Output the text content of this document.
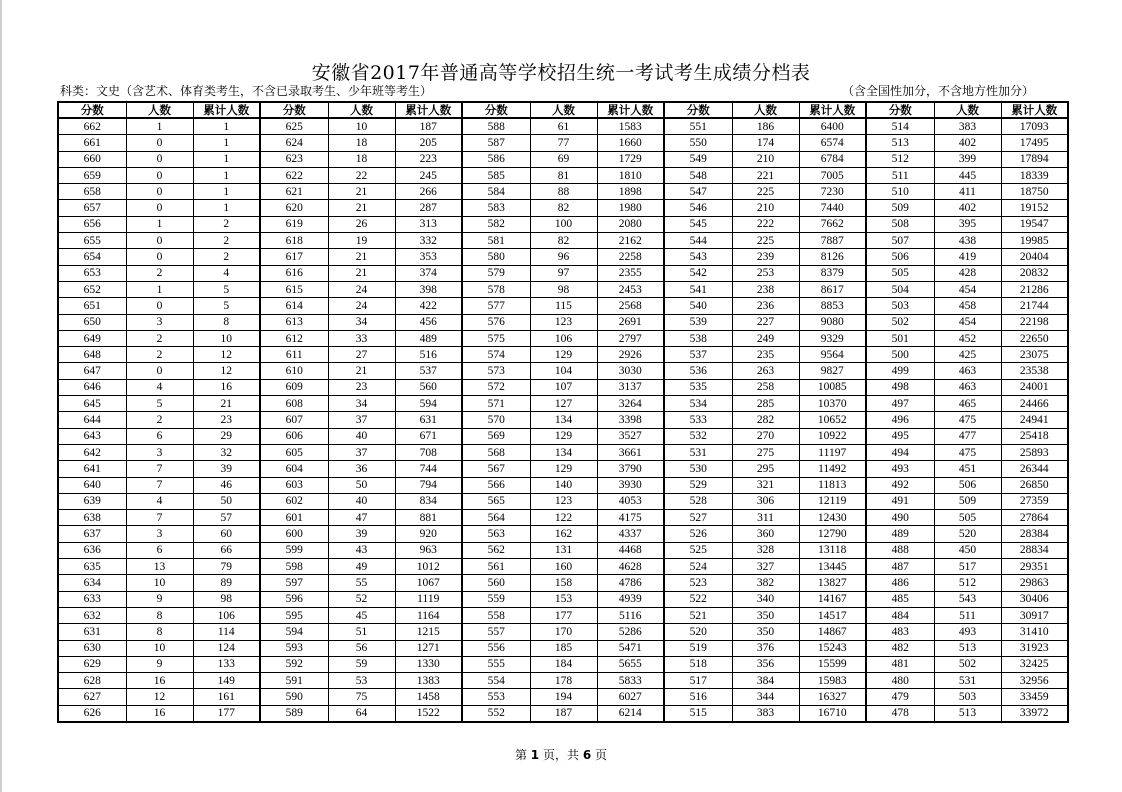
安徽省2017年普通高等学校招生统一考试考生成绩分档表
科类：文史（含艺术、体育类考生，不含已录取考生、少年班等考生）	（含全国性加分，不含地方性加分）
分数	人数	累计人数	分数	人数	累计人数	分数	人数	累计人数	分数	人数	累计人数	分数	人数	累计人数
662	1	1	625	10	187	588	61	1583	551	186	6400	514	383	17093
661	0	1	624	18	205	587	77	1660	550	174	6574	513	402	17495
660	0	1	623	18	223	586	69	1729	549	210	6784	512	399	17894
659	0	1	622	22	245	585	81	1810	548	221	7005	511	445	18339
658	0	1	621	21	266	584	88	1898	547	225	7230	510	411	18750
657	0	1	620	21	287	583	82	1980	546	210	7440	509	402	19152
656	1	2	619	26	313	582	100	2080	545	222	7662	508	395	19547
655	0	2	618	19	332	581	82	2162	544	225	7887	507	438	19985
654	0	2	617	21	353	580	96	2258	543	239	8126	506	419	20404
653	2	4	616	21	374	579	97	2355	542	253	8379	505	428	20832
652	1	5	615	24	398	578	98	2453	541	238	8617	504	454	21286
651	0	5	614	24	422	577	115	2568	540	236	8853	503	458	21744
650	3	8	613	34	456	576	123	2691	539	227	9080	502	454	22198
649	2	10	612	33	489	575	106	2797	538	249	9329	501	452	22650
648	2	12	611	27	516	574	129	2926	537	235	9564	500	425	23075
647	0	12	610	21	537	573	104	3030	536	263	9827	499	463	23538
646	4	16	609	23	560	572	107	3137	535	258	10085	498	463	24001
645	5	21	608	34	594	571	127	3264	534	285	10370	497	465	24466
644	2	23	607	37	631	570	134	3398	533	282	10652	496	475	24941
643	6	29	606	40	671	569	129	3527	532	270	10922	495	477	25418
642	3	32	605	37	708	568	134	3661	531	275	11197	494	475	25893
641	7	39	604	36	744	567	129	3790	530	295	11492	493	451	26344
640	7	46	603	50	794	566	140	3930	529	321	11813	492	506	26850
639	4	50	602	40	834	565	123	4053	528	306	12119	491	509	27359
638	7	57	601	47	881	564	122	4175	527	311	12430	490	505	27864
637	3	60	600	39	920	563	162	4337	526	360	12790	489	520	28384
636	6	66	599	43	963	562	131	4468	525	328	13118	488	450	28834
635	13	79	598	49	1012	561	160	4628	524	327	13445	487	517	29351
634	10	89	597	55	1067	560	158	4786	523	382	13827	486	512	29863
633	9	98	596	52	1119	559	153	4939	522	340	14167	485	543	30406
632	8	106	595	45	1164	558	177	5116	521	350	14517	484	511	30917
631	8	114	594	51	1215	557	170	5286	520	350	14867	483	493	31410
630	10	124	593	56	1271	556	185	5471	519	376	15243	482	513	31923
629	9	133	592	59	1330	555	184	5655	518	356	15599	481	502	32425
628	16	149	591	53	1383	554	178	5833	517	384	15983	480	531	32956
627	12	161	590	75	1458	553	194	6027	516	344	16327	479	503	33459
626	16	177	589	64	1522	552	187	6214	515	383	16710	478	513	33972
第 1 页，共 6 页
